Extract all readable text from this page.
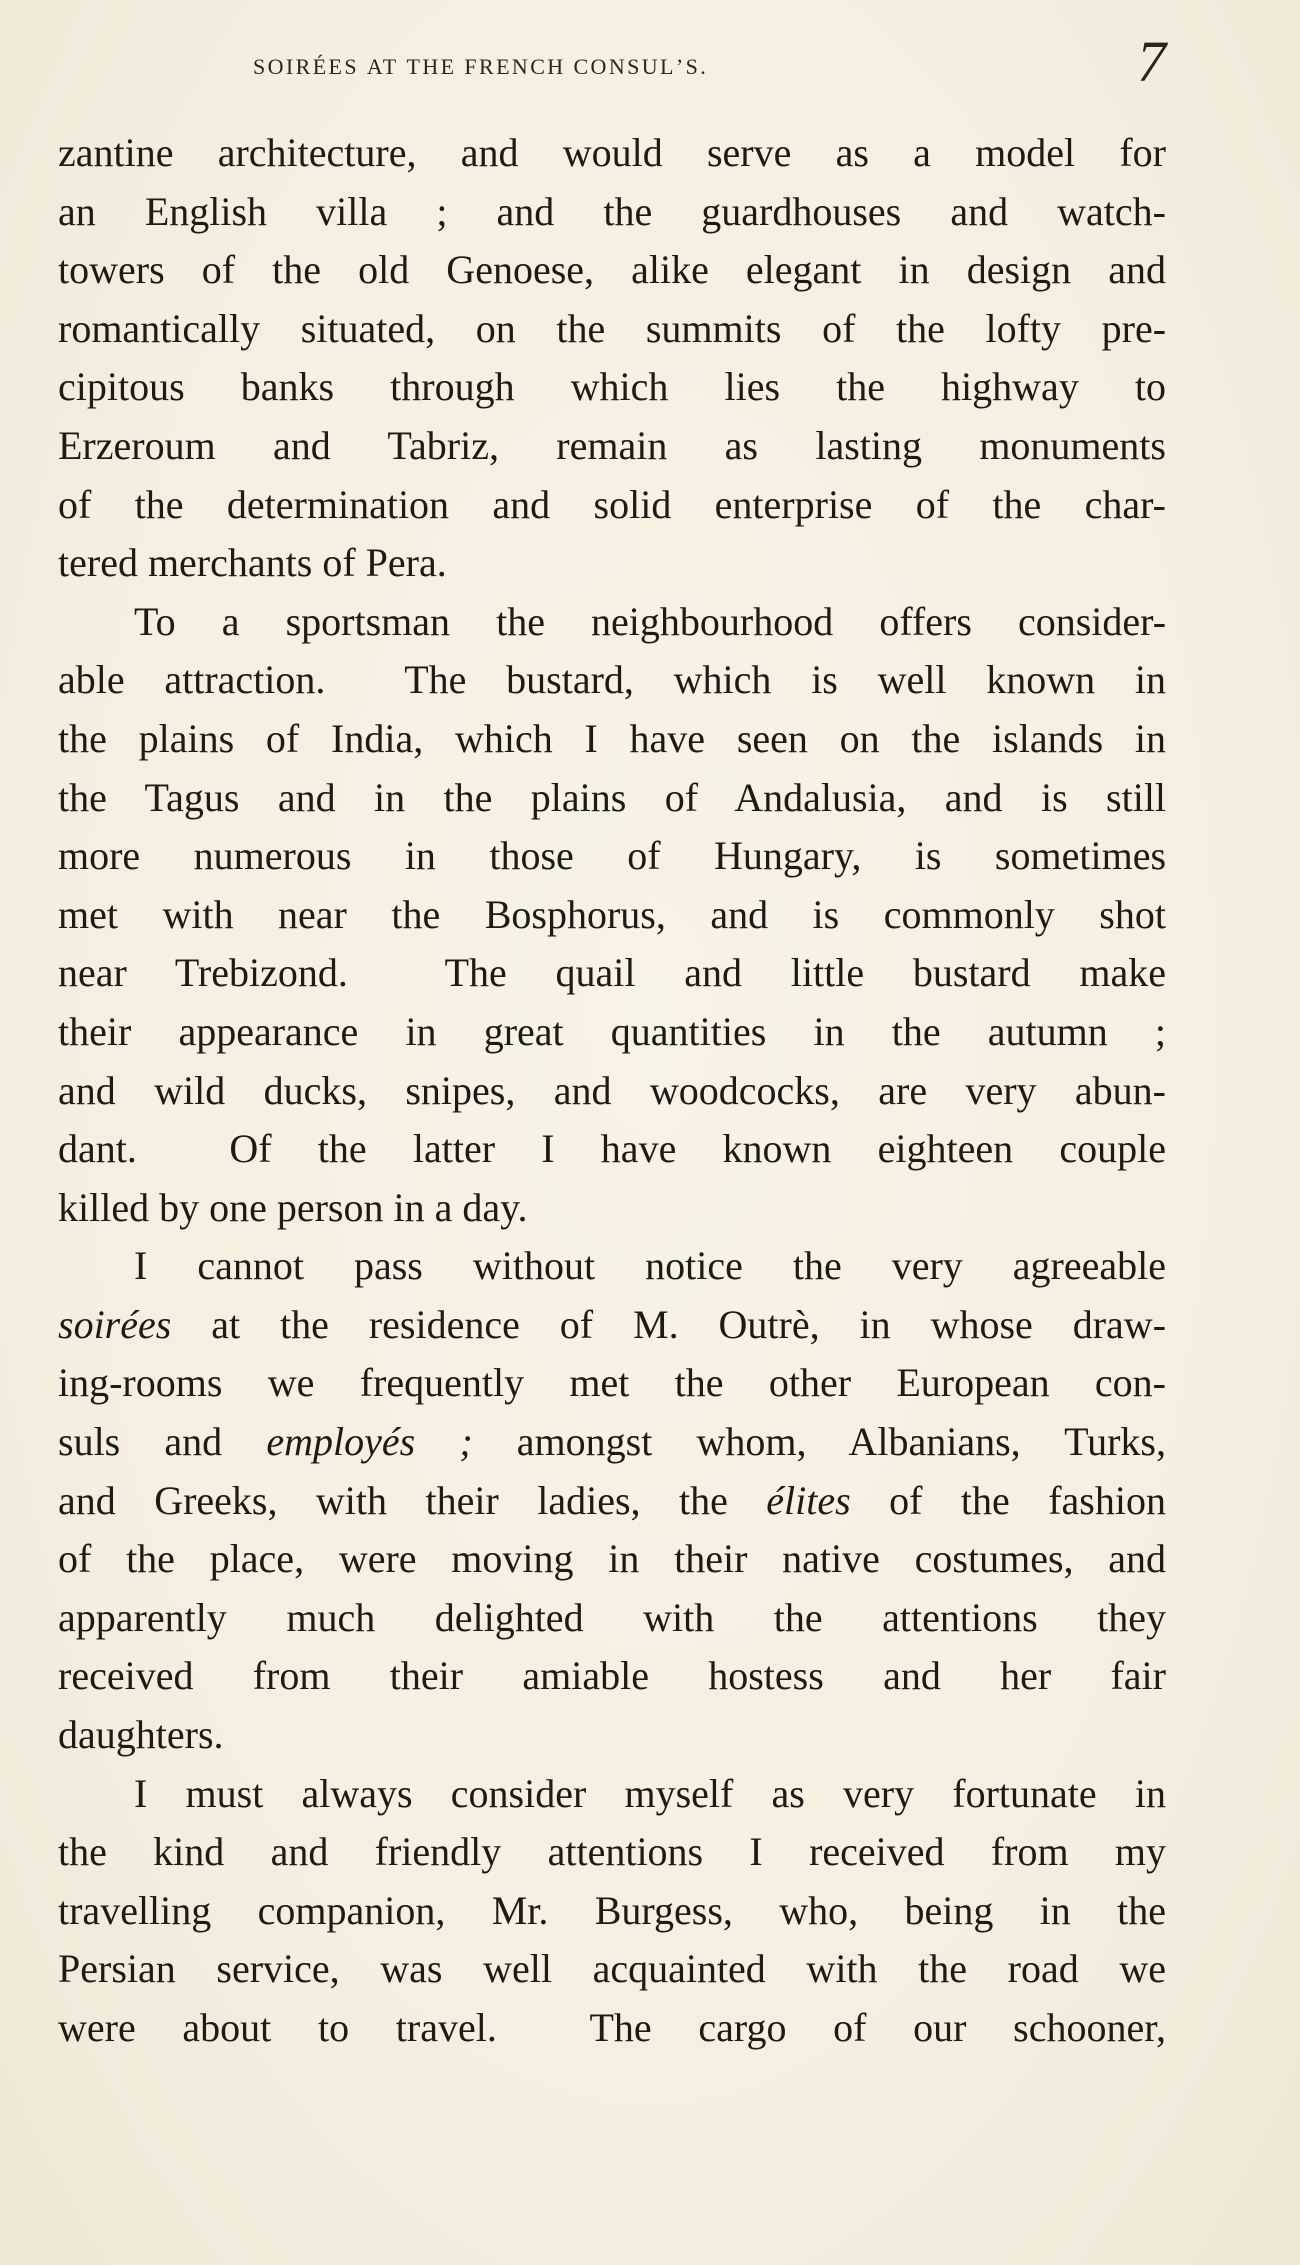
soirées at the french consul’s.	7
zantine architecture, and would serve as a model for
an English villa ; and the guardhouses and watch-
towers of the old Genoese, alike elegant in design and
romantically situated, on the summits of the lofty pre-
cipitous banks through which lies the highway to
Erzeroum and Tabriz, remain as lasting monuments
of the determination and solid enterprise of the char-
tered merchants of Pera.
To a sportsman the neighbourhood offers consider-
able attraction.  The bustard, which is well known in
the plains of India, which I have seen on the islands in
the Tagus and in the plains of Andalusia, and is still
more numerous in those of Hungary, is sometimes
met with near the Bosphorus, and is commonly shot
near Trebizond.  The quail and little bustard make
their appearance in great quantities in the autumn ;
and wild ducks, snipes, and woodcocks, are very abun-
dant.  Of the latter I have known eighteen couple
killed by one person in a day.
I cannot pass without notice the very agreeable
soirées at the residence of M. Outrè, in whose draw-
ing-rooms we frequently met the other European con-
suls and employés ; amongst whom, Albanians, Turks,
and Greeks, with their ladies, the élites of the fashion
of the place, were moving in their native costumes, and
apparently much delighted with the attentions they
received from their amiable hostess and her fair
daughters.
I must always consider myself as very fortunate in
the kind and friendly attentions I received from my
travelling companion, Mr. Burgess, who, being in the
Persian service, was well acquainted with the road we
were about to travel.  The cargo of our schooner,
